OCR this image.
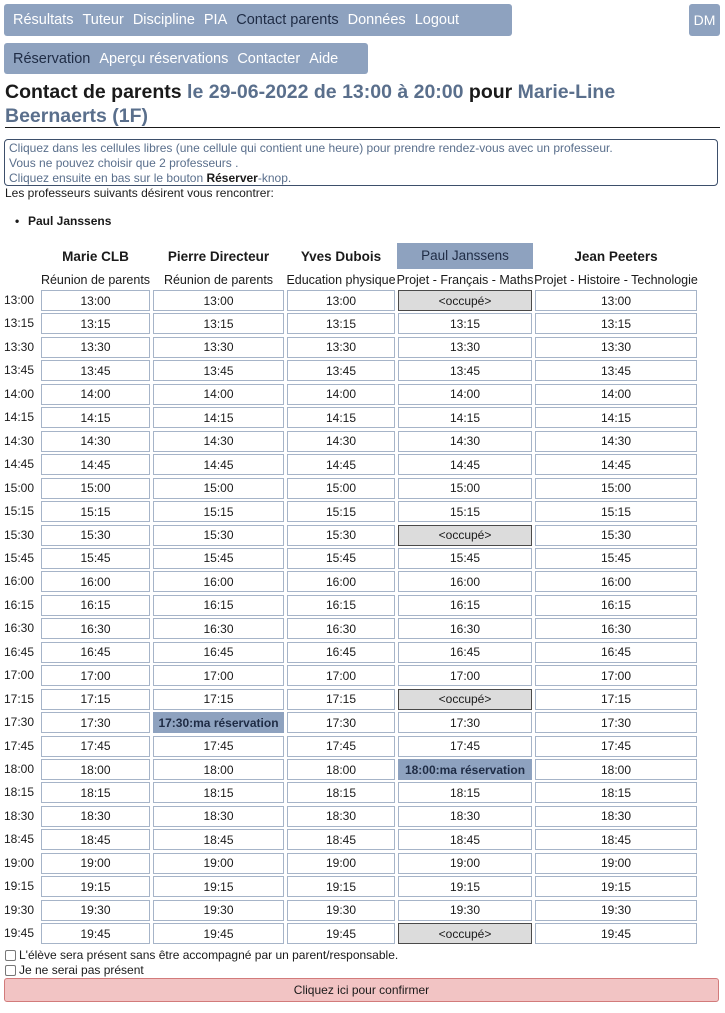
Résultats Tuteur Discipline PIA Contact parents Données Logout	DM
Réservation Aperçu réservations Contacter Aide
Contact de parents le 29-06-2022 de 13:00 à 20:00 pour Marie-Line Beernaerts (1F)
Cliquez dans les cellules libres (une cellule qui contient une heure) pour prendre rendez-vous avec un professeur.
Vous ne pouvez choisir que 2 professeurs .
Cliquez ensuite en bas sur le bouton Réserver-knop.
Les professeurs suivants désirent vous rencontrer:
• Paul Janssens
Marie CLB
Réunion de parents
Pierre Directeur
Réunion de parents
Yves Dubois
Education physique
Paul Janssens
Projet - Français - Maths
Jean Peeters
Projet - Histoire - Technologie
13:00	13:00	13:00	13:00	<occupé>	13:00
13:15	13:15	13:15	13:15	13:15	13:15
13:30	13:30	13:30	13:30	13:30	13:30
13:45	13:45	13:45	13:45	13:45	13:45
14:00	14:00	14:00	14:00	14:00	14:00
14:15	14:15	14:15	14:15	14:15	14:15
14:30	14:30	14:30	14:30	14:30	14:30
14:45	14:45	14:45	14:45	14:45	14:45
15:00	15:00	15:00	15:00	15:00	15:00
15:15	15:15	15:15	15:15	15:15	15:15
15:30	15:30	15:30	15:30	<occupé>	15:30
15:45	15:45	15:45	15:45	15:45	15:45
16:00	16:00	16:00	16:00	16:00	16:00
16:15	16:15	16:15	16:15	16:15	16:15
16:30	16:30	16:30	16:30	16:30	16:30
16:45	16:45	16:45	16:45	16:45	16:45
17:00	17:00	17:00	17:00	17:00	17:00
17:15	17:15	17:15	17:15	<occupé>	17:15
17:30	17:30	17:30:ma réservation	17:30	17:30	17:30
17:45	17:45	17:45	17:45	17:45	17:45
18:00	18:00	18:00	18:00	18:00:ma réservation	18:00
18:15	18:15	18:15	18:15	18:15	18:15
18:30	18:30	18:30	18:30	18:30	18:30
18:45	18:45	18:45	18:45	18:45	18:45
19:00	19:00	19:00	19:00	19:00	19:00
19:15	19:15	19:15	19:15	19:15	19:15
19:30	19:30	19:30	19:30	19:30	19:30
19:45	19:45	19:45	19:45	<occupé>	19:45
L'élève sera présent sans être accompagné par un parent/responsable.
Je ne serai pas présent
Cliquez ici pour confirmer
